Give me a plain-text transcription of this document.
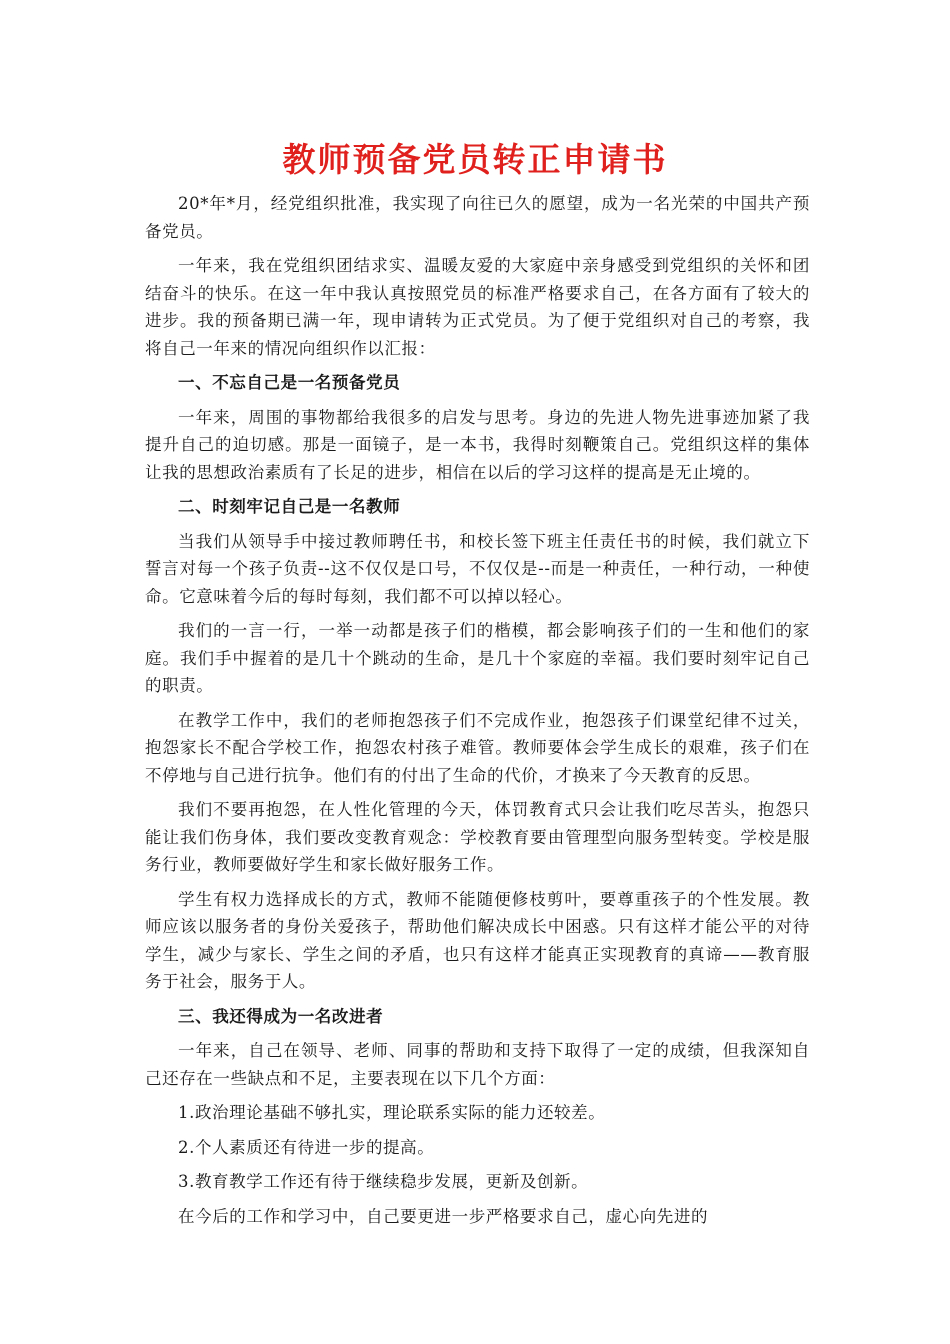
教师预备党员转正申请书

20*年*月，经党组织批准，我实现了向往已久的愿望，成为一名光荣的中国共产预备党员。

一年来，我在党组织团结求实、温暖友爱的大家庭中亲身感受到党组织的关怀和团结奋斗的快乐。在这一年中我认真按照党员的标准严格要求自己，在各方面有了较大的进步。我的预备期已满一年，现申请转为正式党员。为了便于党组织对自己的考察，我将自己一年来的情况向组织作以汇报：

一、不忘自己是一名预备党员

一年来，周围的事物都给我很多的启发与思考。身边的先进人物先进事迹加紧了我提升自己的迫切感。那是一面镜子，是一本书，我得时刻鞭策自己。党组织这样的集体让我的思想政治素质有了长足的进步，相信在以后的学习这样的提高是无止境的。

二、时刻牢记自己是一名教师

当我们从领导手中接过教师聘任书，和校长签下班主任责任书的时候，我们就立下誓言对每一个孩子负责--这不仅仅是口号，不仅仅是--而是一种责任，一种行动，一种使命。它意味着今后的每时每刻，我们都不可以掉以轻心。

我们的一言一行，一举一动都是孩子们的楷模，都会影响孩子们的一生和他们的家庭。我们手中握着的是几十个跳动的生命，是几十个家庭的幸福。我们要时刻牢记自己的职责。

在教学工作中，我们的老师抱怨孩子们不完成作业，抱怨孩子们课堂纪律不过关，抱怨家长不配合学校工作，抱怨农村孩子难管。教师要体会学生成长的艰难，孩子们在不停地与自己进行抗争。他们有的付出了生命的代价，才换来了今天教育的反思。

我们不要再抱怨，在人性化管理的今天，体罚教育式只会让我们吃尽苦头，抱怨只能让我们伤身体，我们要改变教育观念：学校教育要由管理型向服务型转变。学校是服务行业，教师要做好学生和家长做好服务工作。

学生有权力选择成长的方式，教师不能随便修枝剪叶，要尊重孩子的个性发展。教师应该以服务者的身份关爱孩子，帮助他们解决成长中困惑。只有这样才能公平的对待学生，减少与家长、学生之间的矛盾，也只有这样才能真正实现教育的真谛——教育服务于社会，服务于人。

三、我还得成为一名改进者

一年来，自己在领导、老师、同事的帮助和支持下取得了一定的成绩，但我深知自己还存在一些缺点和不足，主要表现在以下几个方面：

1.政治理论基础不够扎实，理论联系实际的能力还较差。

2.个人素质还有待进一步的提高。

3.教育教学工作还有待于继续稳步发展，更新及创新。

在今后的工作和学习中，自己要更进一步严格要求自己，虚心向先进的
